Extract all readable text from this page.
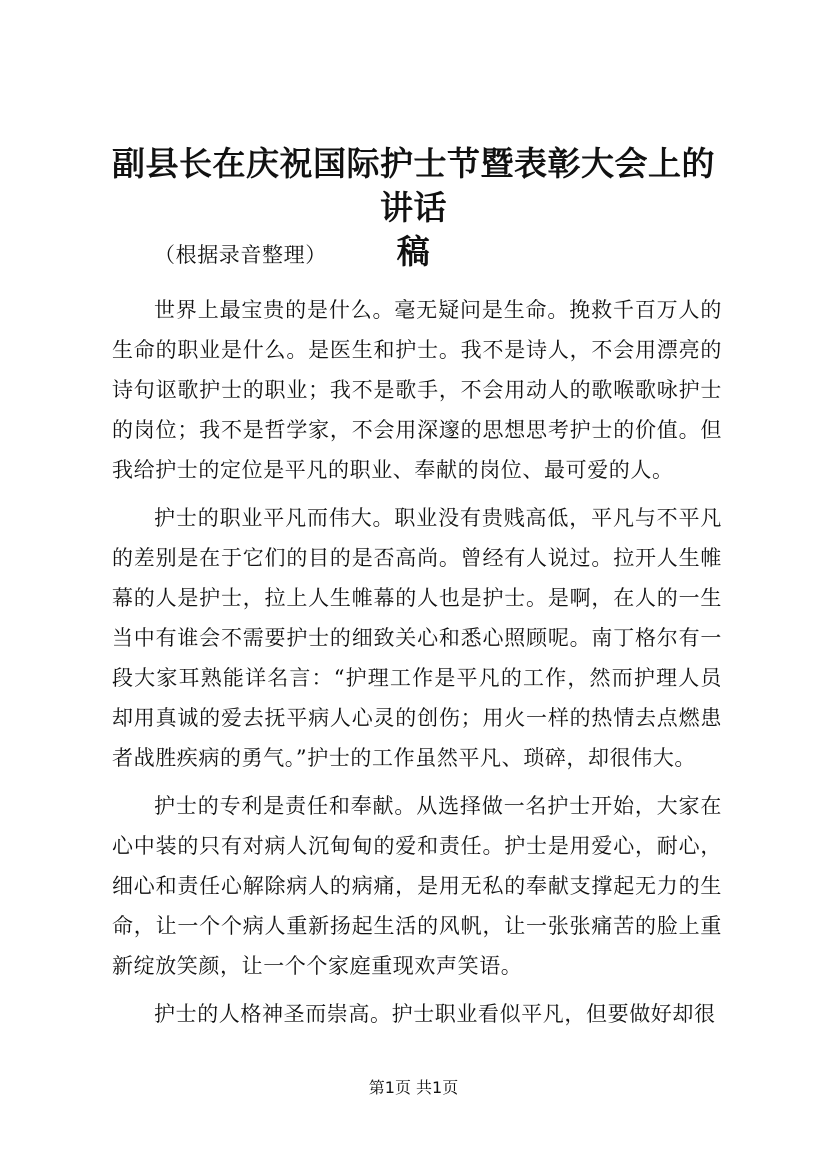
副县长在庆祝国际护士节暨表彰大会上的讲话
稿

（根据录音整理）

世界上最宝贵的是什么。毫无疑问是生命。挽救千百万人的生命的职业是什么。是医生和护士。我不是诗人，不会用漂亮的诗句讴歌护士的职业；我不是歌手，不会用动人的歌喉歌咏护士的岗位；我不是哲学家，不会用深邃的思想思考护士的价值。但我给护士的定位是平凡的职业、奉献的岗位、最可爱的人。

护士的职业平凡而伟大。职业没有贵贱高低，平凡与不平凡的差别是在于它们的目的是否高尚。曾经有人说过。拉开人生帷幕的人是护士，拉上人生帷幕的人也是护士。是啊，在人的一生当中有谁会不需要护士的细致关心和悉心照顾呢。南丁格尔有一段大家耳熟能详名言：“护理工作是平凡的工作，然而护理人员却用真诚的爱去抚平病人心灵的创伤；用火一样的热情去点燃患者战胜疾病的勇气。”护士的工作虽然平凡、琐碎，却很伟大。

护士的专利是责任和奉献。从选择做一名护士开始，大家在心中装的只有对病人沉甸甸的爱和责任。护士是用爱心，耐心，细心和责任心解除病人的病痛，是用无私的奉献支撑起无力的生命，让一个个病人重新扬起生活的风帆，让一张张痛苦的脸上重新绽放笑颜，让一个个家庭重现欢声笑语。

护士的人格神圣而崇高。护士职业看似平凡，但要做好却很

第1页 共1页
